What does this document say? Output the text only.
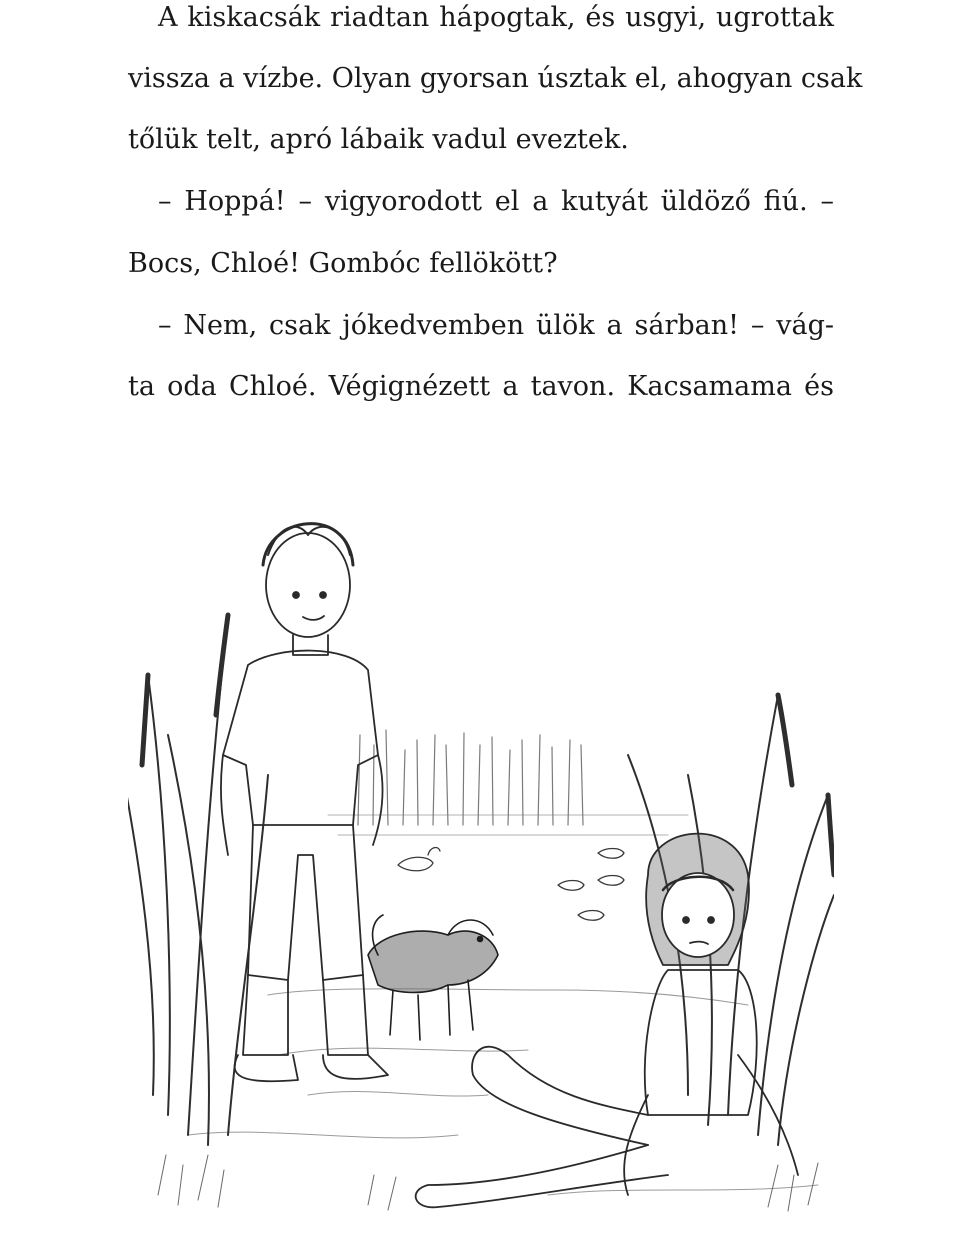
A kiskacsák riadtan hápogtak, és usgyi, ugrottak
vissza a vízbe. Olyan gyorsan úsztak el, ahogyan csak
tőlük telt, apró lábaik vadul eveztek.
– Hoppá! – vigyorodott el a kutyát üldöző fiú. –
Bocs, Chloé! Gombóc fellökött?
– Nem, csak jókedvemben ülök a sárban! – vág-
ta oda Chloé. Végignézett a tavon. Kacsamama és
